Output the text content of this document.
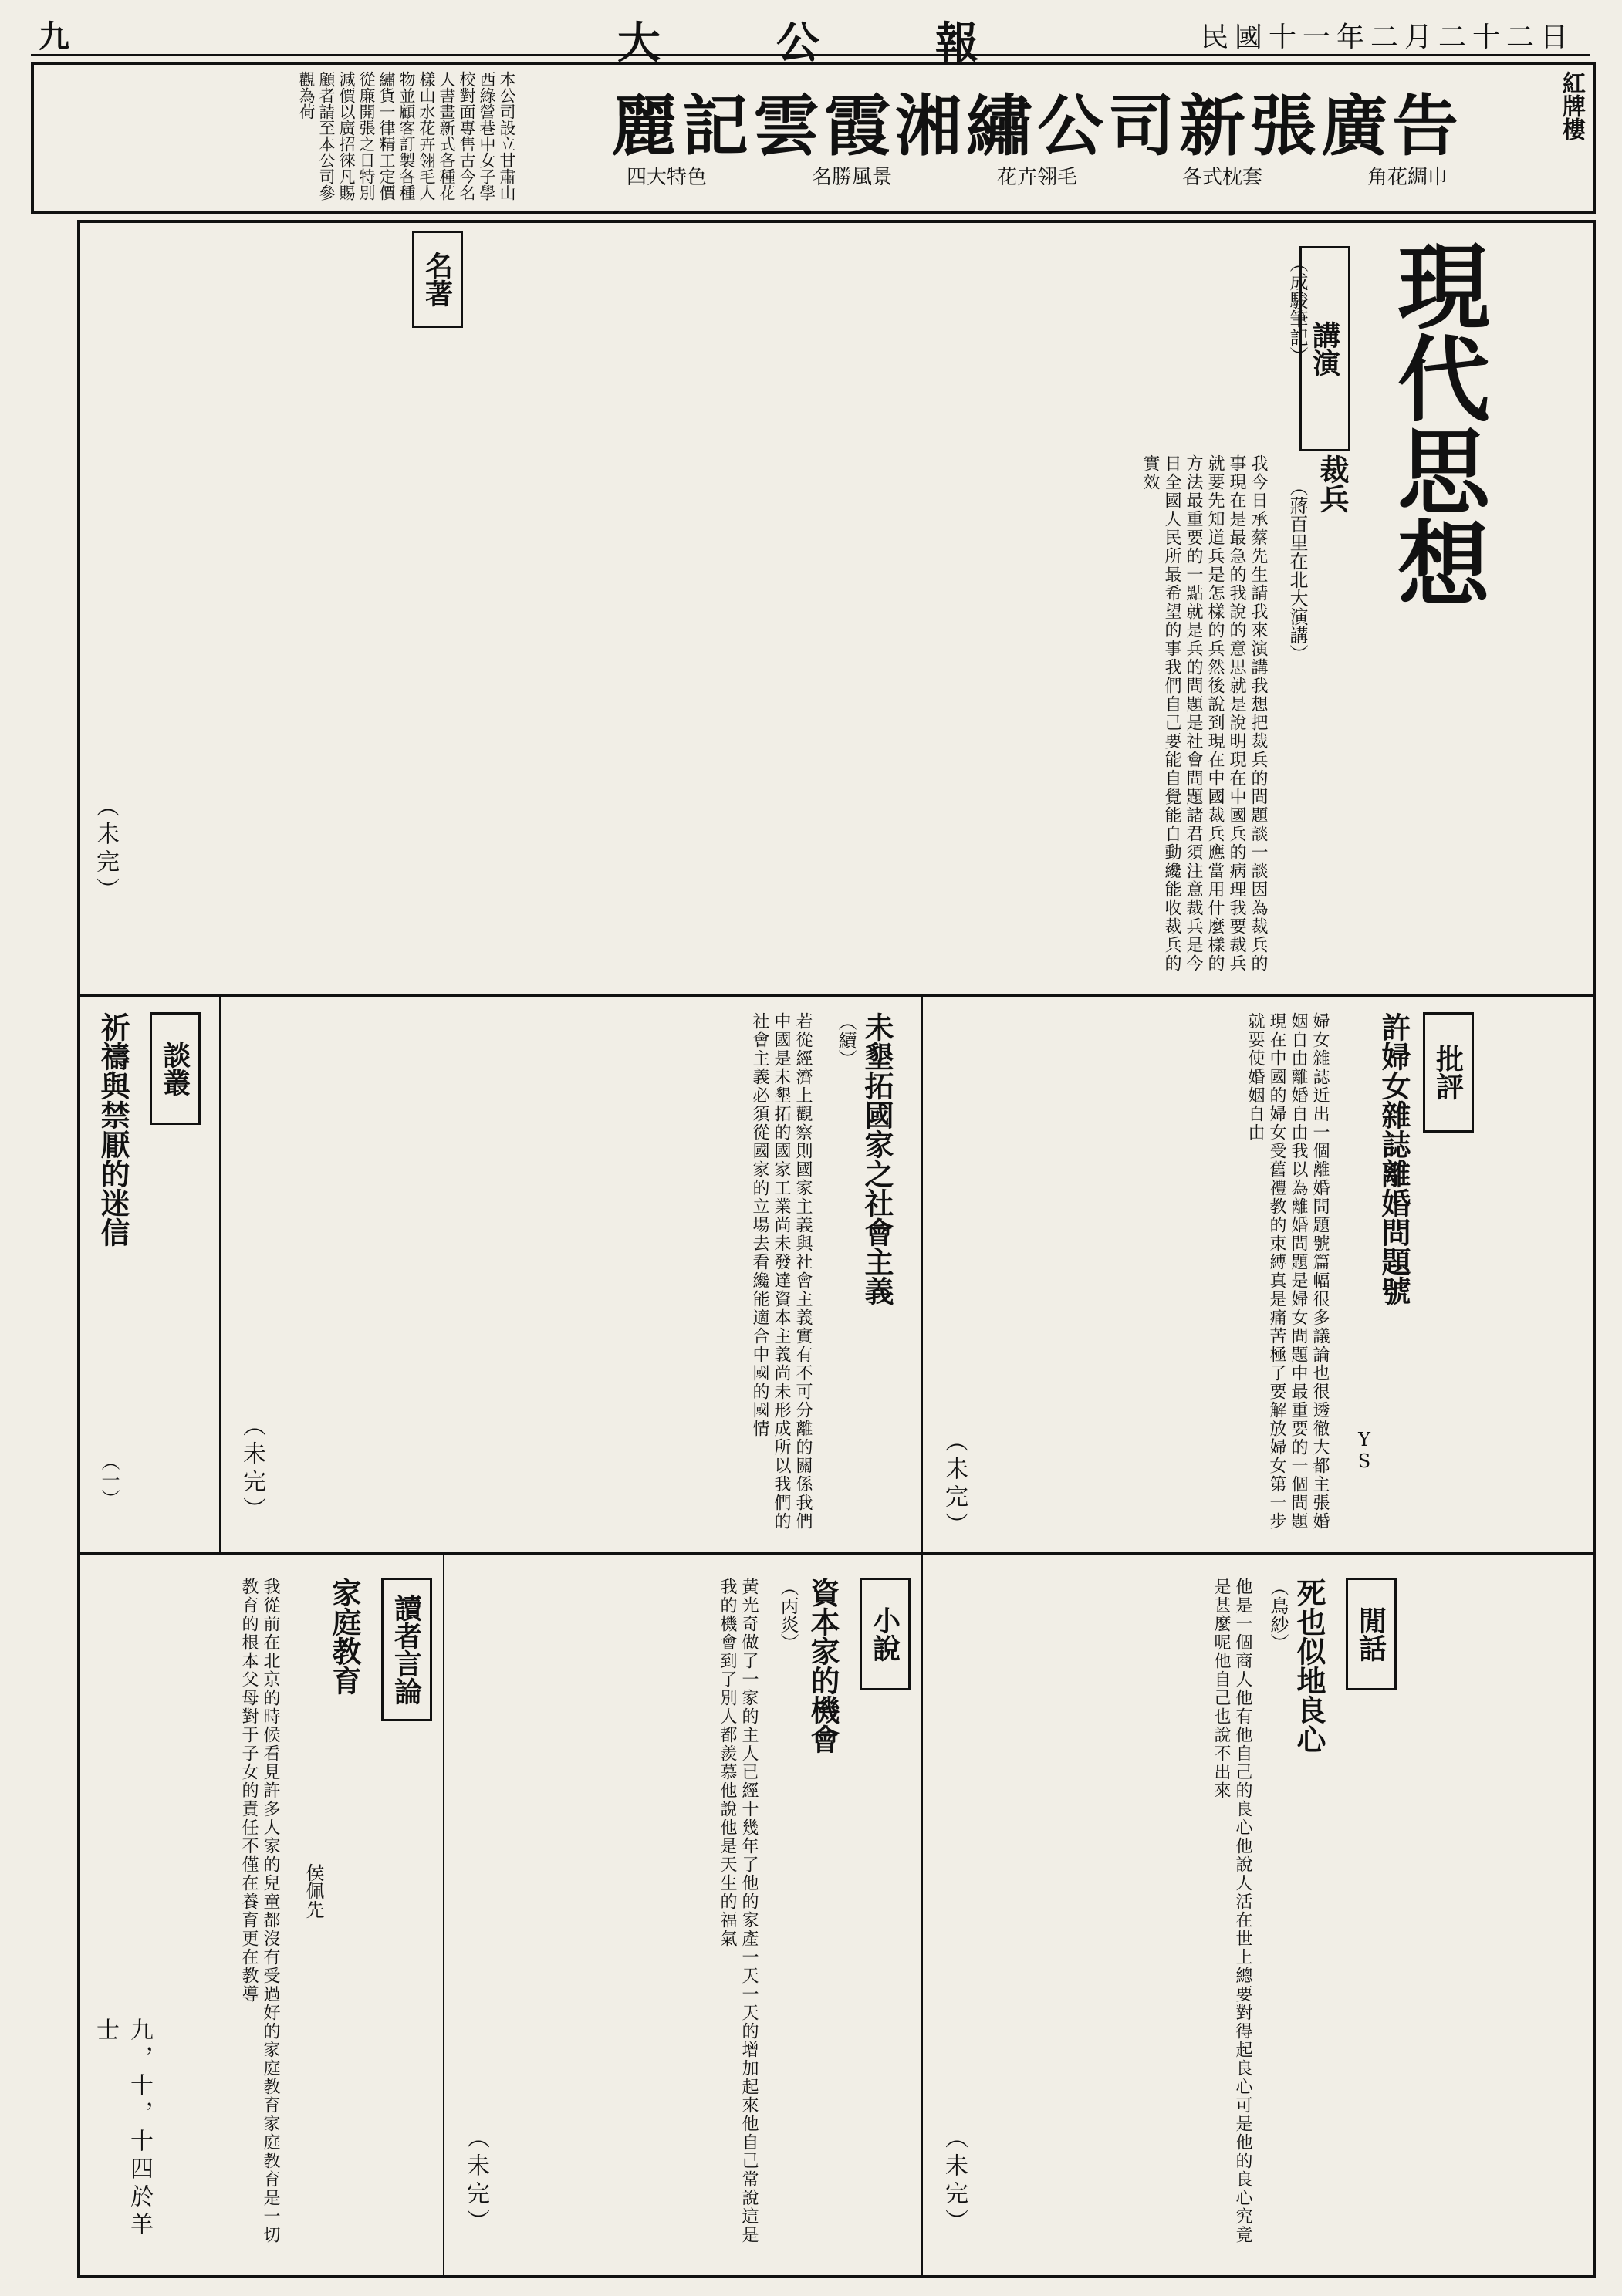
九	大公報	民國十一年二月二十二日
本公司設立甘肅山西綠營巷中女子學校對面專售古今名人書畫新式各種花樣山水花卉翎毛人物並顧客訂製各種繡貨一律精工定價從廉開張之日特別減價以廣招徠凡賜顧者請至本公司參觀為荷	麗記雲霞湘繡公司新張廣告
四大特色	名勝風景	花卉翎毛	各式枕套	角花綢巾
紅牌樓
現代思想
講演
裁兵
（蔣百里在北大演講）
（成駿筆記）
我今日承蔡先生請我來演講我想把裁兵的問題談一談因為裁兵的事現在是最急的我說的意思就是說明現在中國兵的病理我要裁兵就要先知道兵是怎樣的兵然後說到現在中國裁兵應當用什麼樣的方法最重要的一點就是兵的問題是社會問題諸君須注意裁兵是今日全國人民所最希望的事我們自己要能自覺能自動纔能收裁兵的實效
（未完）
名著
批評
許婦女雜誌離婚問題號
YS
婦女雜誌近出一個離婚問題號篇幅很多議論也很透徹大都主張婚姻自由離婚自由我以為離婚問題是婦女問題中最重要的一個問題現在中國的婦女受舊禮教的束縛真是痛苦極了要解放婦女第一步就要使婚姻自由
（未完）
未墾拓國家之社會主義
（續）
若從經濟上觀察則國家主義與社會主義實有不可分離的關係我們中國是未墾拓的國家工業尚未發達資本主義尚未形成所以我們的社會主義必須從國家的立場去看纔能適合中國的國情
（未完）
談叢
祈禱與禁厭的迷信
（一）
閒話
死也似地良心
（鳥紗）
他是一個商人他有他自己的良心他說人活在世上總要對得起良心可是他的良心究竟是甚麼呢他自己也說不出來
（未完）
小說
資本家的機會
（丙炎）
黃光奇做了一家的主人已經十幾年了他的家產一天一天的增加起來他自己常說這是我的機會到了別人都羨慕他說他是天生的福氣
（未完）
讀者言論
家庭教育
侯佩先
我從前在北京的時候看見許多人家的兒童都沒有受過好的家庭教育家庭教育是一切教育的根本父母對于子女的責任不僅在養育更在教導
九，十，十四於羊士
